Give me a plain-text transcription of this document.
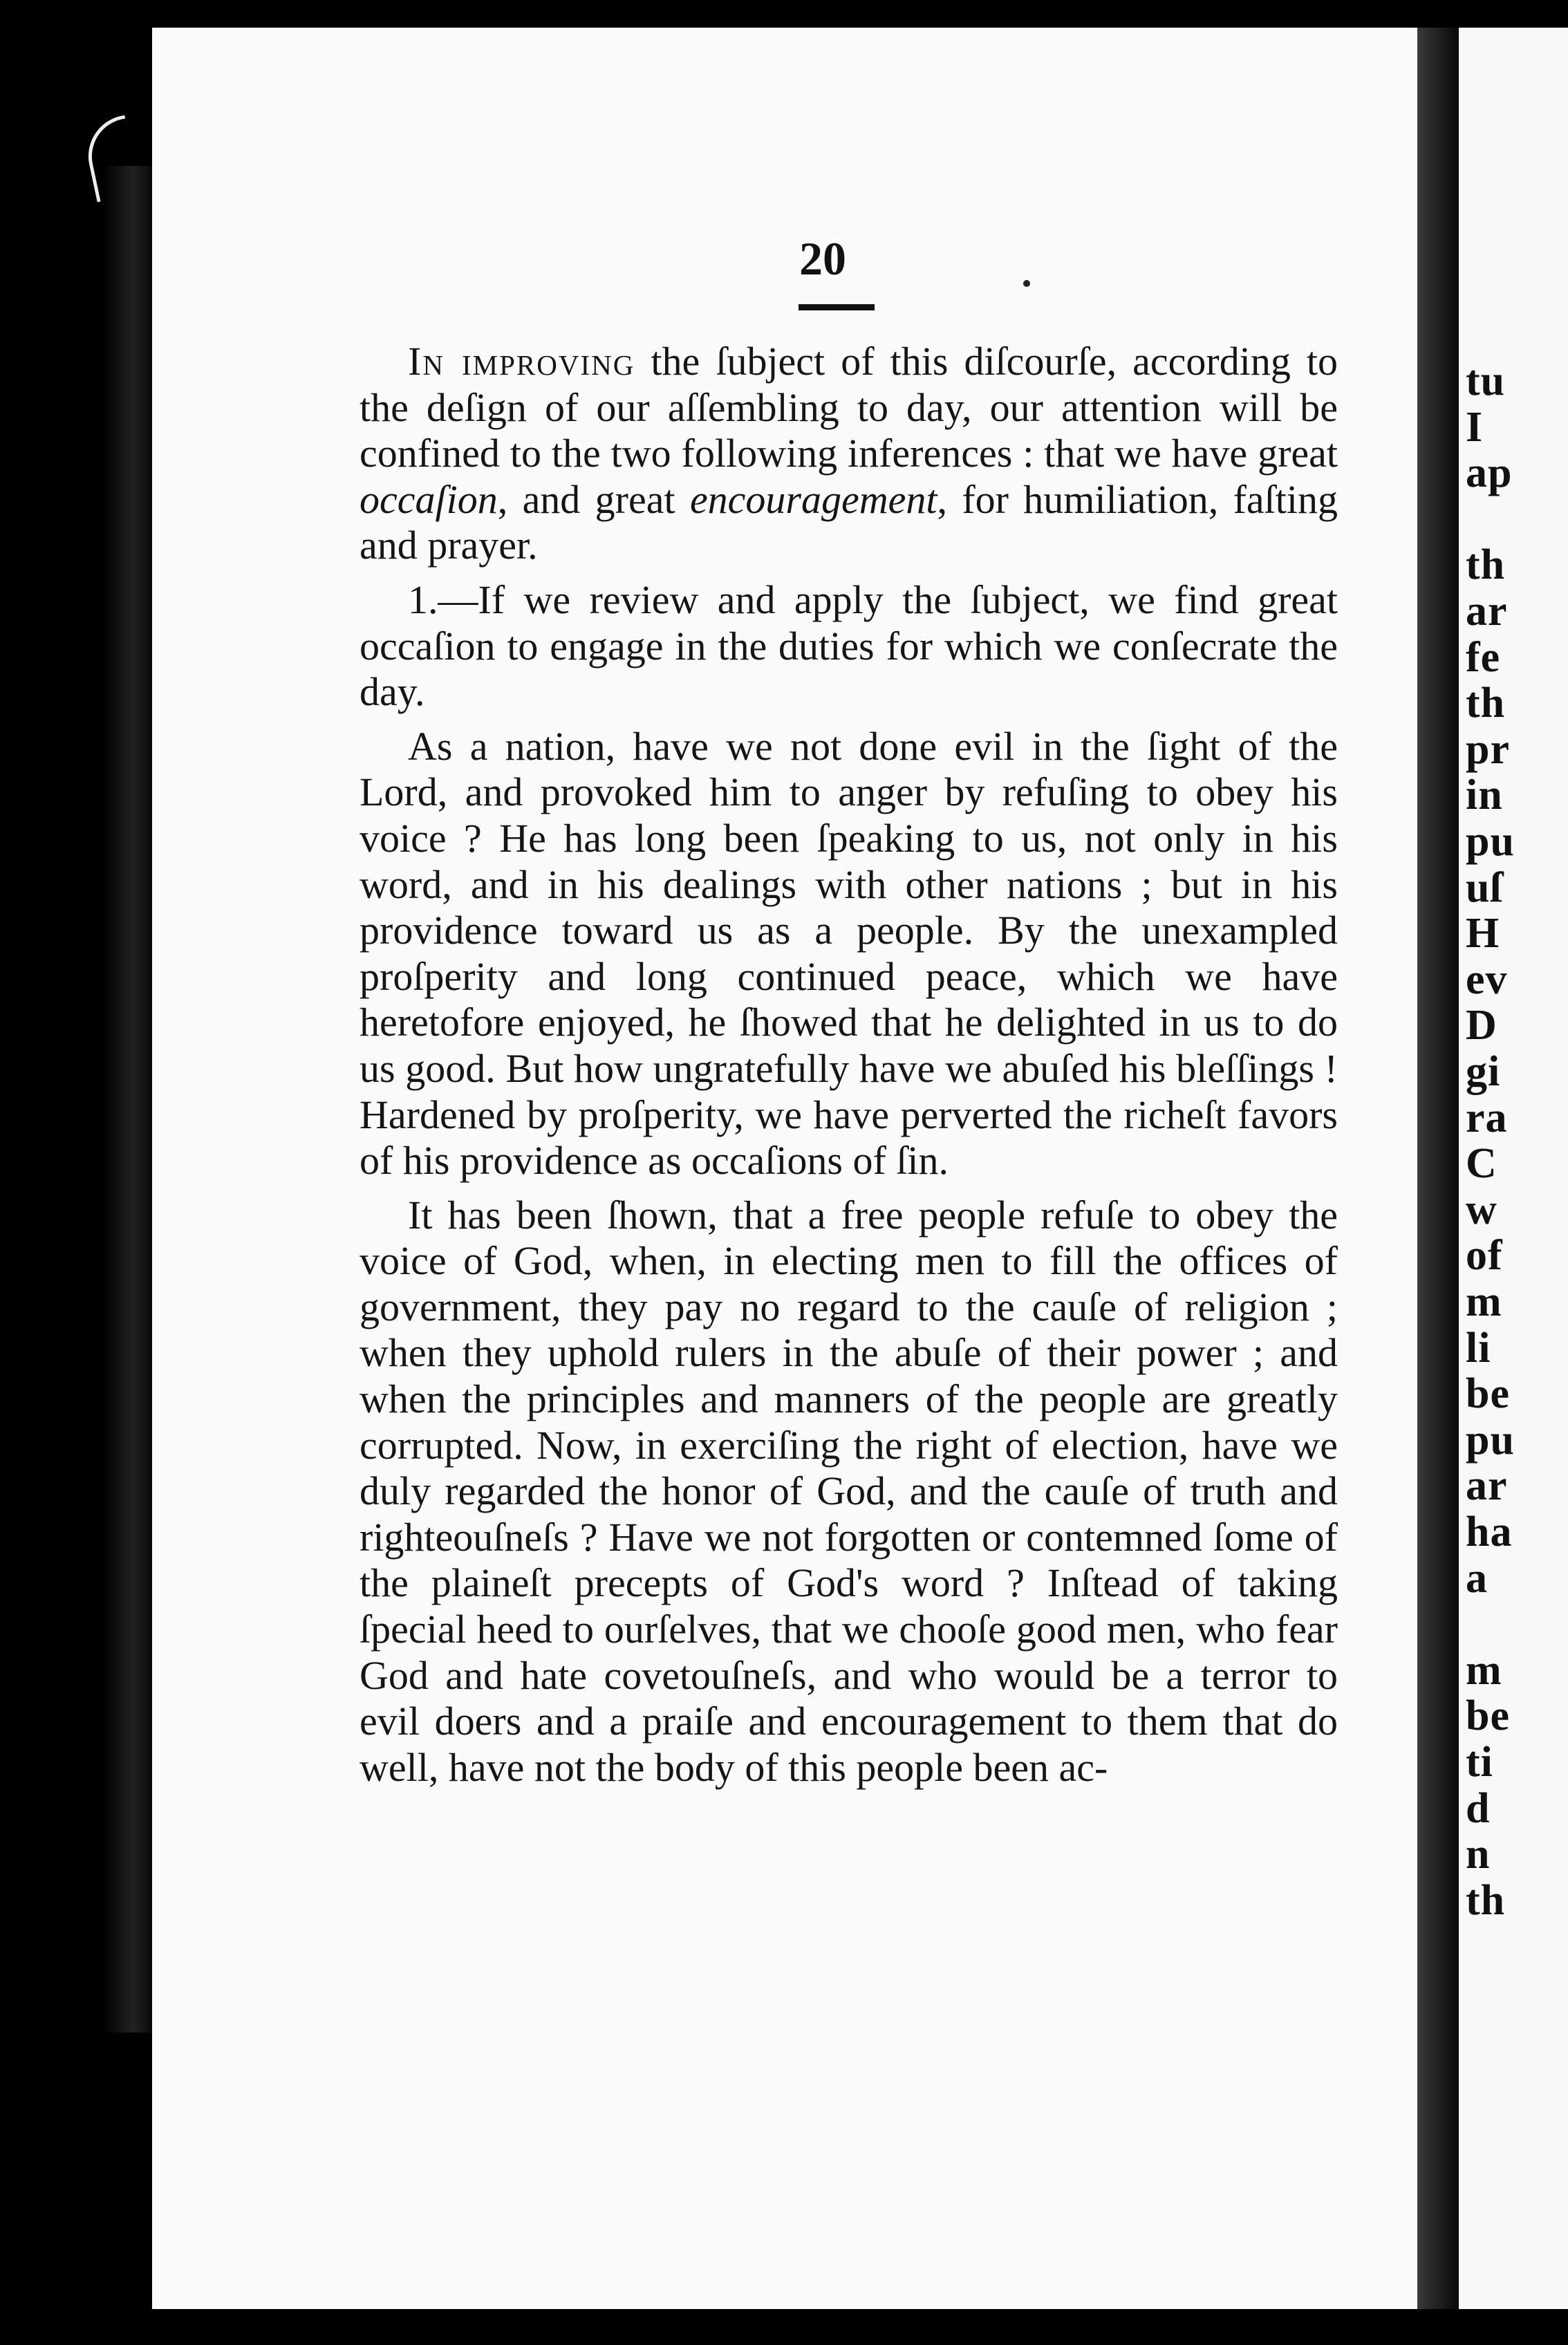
tu
I
ap
th
ar
fe
th
pr
in
pu
uſ
H
ev
D
gi
ra
C
w
of
m
li
be
pu
ar
ha
a
m
be
ti
d
n
th
20

In improving the ſubject of this diſcourſe, according to the deſign of our aſſembling to day, our attention will be confined to the two following inferences : that we have great occaſion, and great encouragement, for humiliation, faſting and prayer.

1.—If we review and apply the ſubject, we find great occaſion to engage in the duties for which we conſecrate the day.

As a nation, have we not done evil in the ſight of the Lord, and provoked him to anger by refuſing to obey his voice ? He has long been ſpeaking to us, not only in his word, and in his dealings with other nations ; but in his providence toward us as a people. By the unexampled proſperity and long continued peace, which we have heretofore enjoyed, he ſhowed that he delighted in us to do us good. But how ungratefully have we abuſed his bleſſings ! Hardened by proſperity, we have perverted the richeſt favors of his providence as occaſions of ſin.

It has been ſhown, that a free people refuſe to obey the voice of God, when, in electing men to fill the offices of government, they pay no regard to the cauſe of religion ; when they uphold rulers in the abuſe of their power ; and when the principles and manners of the people are greatly corrupted. Now, in exerciſing the right of election, have we duly regarded the honor of God, and the cauſe of truth and righteouſneſs ? Have we not forgotten or contemned ſome of the plaineſt precepts of God's word ? Inſtead of taking ſpecial heed to ourſelves, that we chooſe good men, who fear God and hate covetouſneſs, and who would be a terror to evil doers and a praiſe and encouragement to them that do well, have not the body of this people been ac-
